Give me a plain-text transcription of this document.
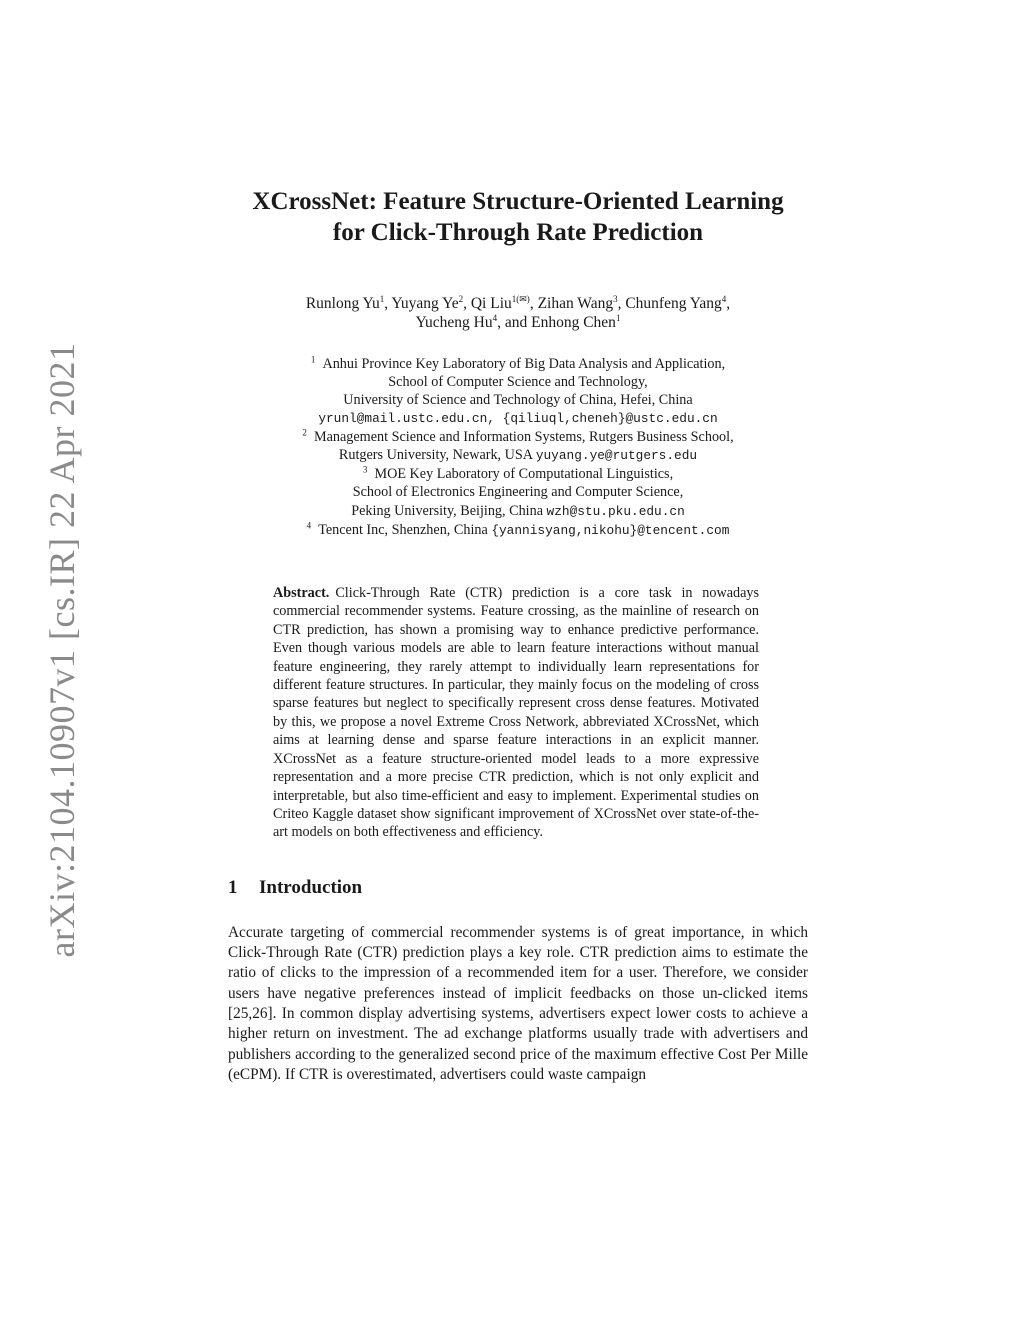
arXiv:2104.10907v1 [cs.IR] 22 Apr 2021
XCrossNet: Feature Structure-Oriented Learning
for Click-Through Rate Prediction
Runlong Yu$^1$, Yuyang Ye$^2$, Qi Liu$^{1(✉)}$, Zihan Wang$^3$, Chunfeng Yang$^4$,
Yucheng Hu$^4$, and Enhong Chen$^1$
$^1$ Anhui Province Key Laboratory of Big Data Analysis and Application,
School of Computer Science and Technology,
University of Science and Technology of China, Hefei, China
yrunl@mail.ustc.edu.cn, {qiliuql,cheneh}@ustc.edu.cn
$^2$ Management Science and Information Systems, Rutgers Business School,
Rutgers University, Newark, USA yuyang.ye@rutgers.edu
$^3$ MOE Key Laboratory of Computational Linguistics,
School of Electronics Engineering and Computer Science,
Peking University, Beijing, China wzh@stu.pku.edu.cn
$^4$ Tencent Inc, Shenzhen, China {yannisyang,nikohu}@tencent.com
Abstract. Click-Through Rate (CTR) prediction is a core task in nowadays commercial recommender systems. Feature crossing, as the mainline of research on CTR prediction, has shown a promising way to enhance predictive performance. Even though various models are able to learn feature interactions without manual feature engineering, they rarely attempt to individually learn representations for different feature structures. In particular, they mainly focus on the modeling of cross sparse features but neglect to specifically represent cross dense features. Motivated by this, we propose a novel Extreme Cross Network, abbreviated XCrossNet, which aims at learning dense and sparse feature interactions in an explicit manner. XCrossNet as a feature structure-oriented model leads to a more expressive representation and a more precise CTR prediction, which is not only explicit and interpretable, but also time-efficient and easy to implement. Experimental studies on Criteo Kaggle dataset show significant improvement of XCrossNet over state-of-the-art models on both effectiveness and efficiency.
1 Introduction

Accurate targeting of commercial recommender systems is of great importance, in which Click-Through Rate (CTR) prediction plays a key role. CTR prediction aims to estimate the ratio of clicks to the impression of a recommended item for a user. Therefore, we consider users have negative preferences instead of implicit feedbacks on those un-clicked items [25,26]. In common display advertising systems, advertisers expect lower costs to achieve a higher return on investment. The ad exchange platforms usually trade with advertisers and publishers according to the generalized second price of the maximum effective Cost Per Mille (eCPM). If CTR is overestimated, advertisers could waste campaign
